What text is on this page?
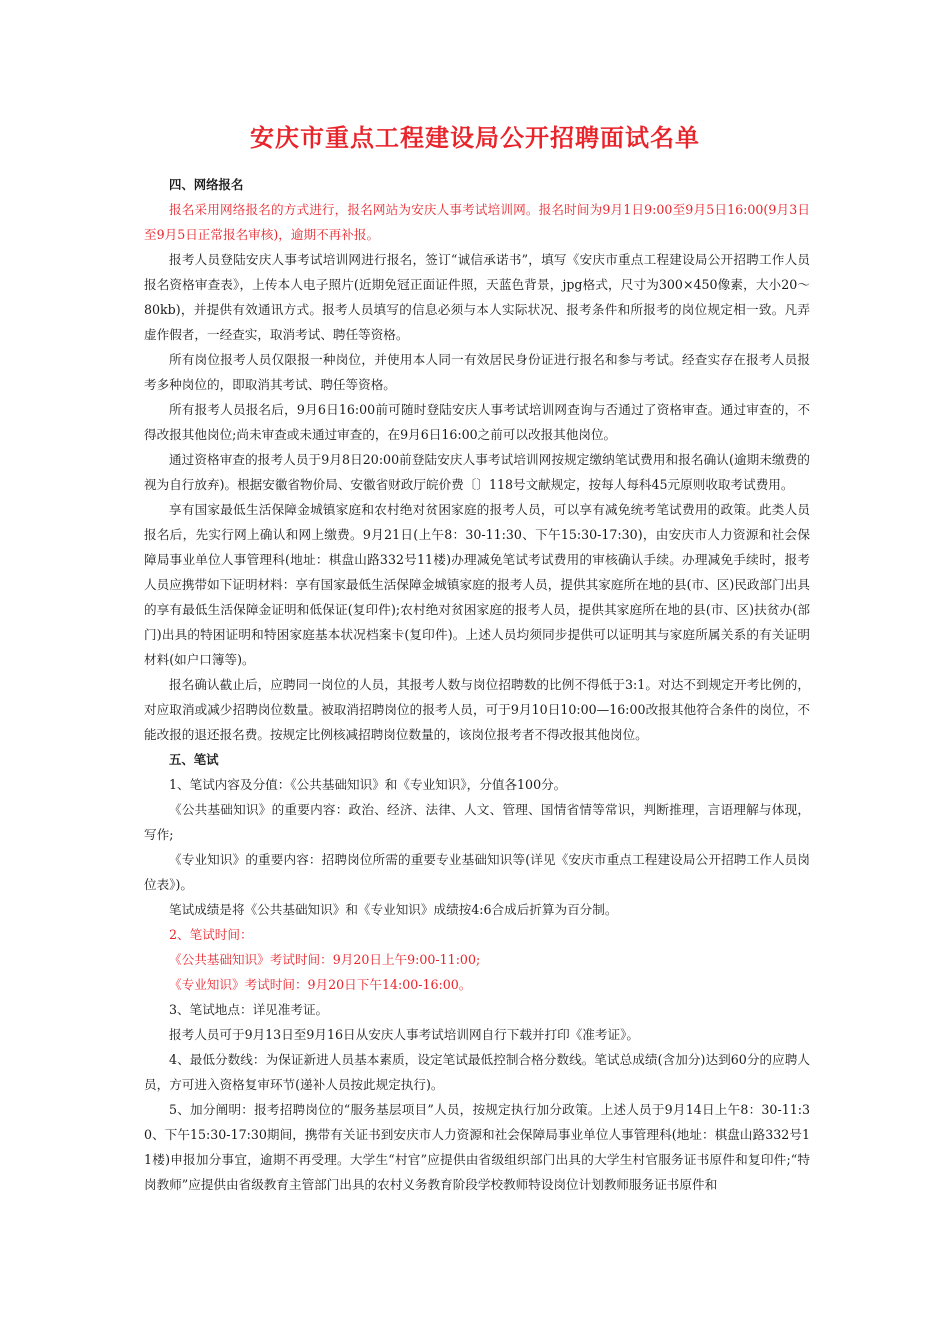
安庆市重点工程建设局公开招聘面试名单

四、网络报名

报名采用网络报名的方式进行，报名网站为安庆人事考试培训网。报名时间为9月1日9:00至9月5日16:00(9月3日至9月5日正常报名审核)，逾期不再补报。

报考人员登陆安庆人事考试培训网进行报名，签订“诚信承诺书”，填写《安庆市重点工程建设局公开招聘工作人员报名资格审查表》，上传本人电子照片(近期免冠正面证件照，天蓝色背景，jpg格式，尺寸为300×450像素，大小20～80kb)，并提供有效通讯方式。报考人员填写的信息必须与本人实际状况、报考条件和所报考的岗位规定相一致。凡弄虚作假者，一经查实，取消考试、聘任等资格。

所有岗位报考人员仅限报一种岗位，并使用本人同一有效居民身份证进行报名和参与考试。经查实存在报考人员报考多种岗位的，即取消其考试、聘任等资格。

所有报考人员报名后，9月6日16:00前可随时登陆安庆人事考试培训网查询与否通过了资格审查。通过审查的，不得改报其他岗位;尚未审查或未通过审查的，在9月6日16:00之前可以改报其他岗位。

通过资格审查的报考人员于9月8日20:00前登陆安庆人事考试培训网按规定缴纳笔试费用和报名确认(逾期未缴费的视为自行放弃)。根据安徽省物价局、安徽省财政厅皖价费〔〕118号文献规定，按每人每科45元原则收取考试费用。

享有国家最低生活保障金城镇家庭和农村绝对贫困家庭的报考人员，可以享有减免统考笔试费用的政策。此类人员报名后，先实行网上确认和网上缴费。9月21日(上午8：30-11:30、下午15:30-17:30)，由安庆市人力资源和社会保障局事业单位人事管理科(地址：棋盘山路332号11楼)办理减免笔试考试费用的审核确认手续。办理减免手续时，报考人员应携带如下证明材料：享有国家最低生活保障金城镇家庭的报考人员，提供其家庭所在地的县(市、区)民政部门出具的享有最低生活保障金证明和低保证(复印件);农村绝对贫困家庭的报考人员，提供其家庭所在地的县(市、区)扶贫办(部门)出具的特困证明和特困家庭基本状况档案卡(复印件)。上述人员均须同步提供可以证明其与家庭所属关系的有关证明材料(如户口簿等)。

报名确认截止后，应聘同一岗位的人员，其报考人数与岗位招聘数的比例不得低于3:1。对达不到规定开考比例的，对应取消或减少招聘岗位数量。被取消招聘岗位的报考人员，可于9月10日10:00—16:00改报其他符合条件的岗位，不能改报的退还报名费。按规定比例核减招聘岗位数量的，该岗位报考者不得改报其他岗位。

五、笔试

1、笔试内容及分值：《公共基础知识》和《专业知识》，分值各100分。

《公共基础知识》的重要内容：政治、经济、法律、人文、管理、国情省情等常识，判断推理，言语理解与体现，写作;

《专业知识》的重要内容：招聘岗位所需的重要专业基础知识等(详见《安庆市重点工程建设局公开招聘工作人员岗位表》)。

笔试成绩是将《公共基础知识》和《专业知识》成绩按4:6合成后折算为百分制。

2、笔试时间：

《公共基础知识》考试时间：9月20日上午9:00-11:00;

《专业知识》考试时间：9月20日下午14:00-16:00。

3、笔试地点：详见准考证。

报考人员可于9月13日至9月16日从安庆人事考试培训网自行下载并打印《准考证》。

4、最低分数线：为保证新进人员基本素质，设定笔试最低控制合格分数线。笔试总成绩(含加分)达到60分的应聘人员，方可进入资格复审环节(递补人员按此规定执行)。

5、加分阐明：报考招聘岗位的“服务基层项目”人员，按规定执行加分政策。上述人员于9月14日上午8：30-11:30、下午15:30-17:30期间，携带有关证书到安庆市人力资源和社会保障局事业单位人事管理科(地址：棋盘山路332号11楼)申报加分事宜，逾期不再受理。大学生“村官”应提供由省级组织部门出具的大学生村官服务证书原件和复印件;“特岗教师”应提供由省级教育主管部门出具的农村义务教育阶段学校教师特设岗位计划教师服务证书原件和
